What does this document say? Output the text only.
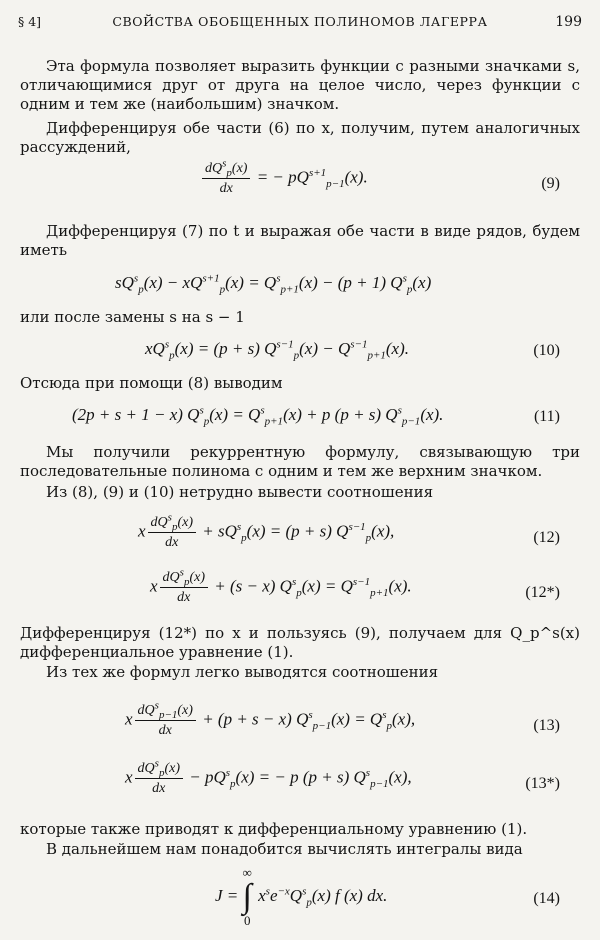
§ 4]	СВОЙСТВА ОБОБЩЕННЫХ ПОЛИНОМОВ ЛАГЕРРА	199

Эта формула позволяет выразить функции с разными значками s, отличающимися друг от друга на целое число, через функции с одним и тем же (наибольшим) значком.

Дифференцируя обе части (6) по x, получим, путем аналогичных рассуждений,

$\frac{dQ^s_p(x)}{dx}$ = − $pQ^{s+1}_{p-1}(x)$.	(9)

Дифференцируя (7) по t и выражая обе части в виде рядов, будем иметь

$sQ^s_p(x) - xQ^{s+1}_p(x) = Q^s_{p+1}(x) - (p + 1)$ $Q^s_p(x)$

или после замены s на s − 1

$xQ^s_p(x) = (p + s) Q^{s-1}_p(x) - Q^{s-1}_{p+1}(x)$.	(10)

Отсюда при помощи (8) выводим

(2p + s + 1 − x) $Q^s_p(x) = Q^s_{p+1}(x) + p$ (p + s) $Q^s_{p-1}(x)$.	(11)

Мы получили рекуррентную формулу, связывающую три последовательные полинома с одним и тем же верхним значком.

Из (8), (9) и (10) нетрудно вывести соотношения

x $\frac{dQ^s_p(x)}{dx} + sQ^s_p(x) = (p + s)$ $Q^{s-1}_p(x)$,	(12)
x $\frac{dQ^s_p(x)}{dx} + (s - x) Q^s_p(x) = Q^{s-1}_{p+1}(x)$.	(12*)

Дифференцируя (12*) по x и пользуясь (9), получаем для Q_p^s(x) дифференциальное уравнение (1).

Из тех же формул легко выводятся соотношения

x $\frac{dQ^s_{p-1}(x)}{dx} + (p + s - x) Q^s_{p-1}(x) = Q^s_p(x)$,	(13)
x $\frac{dQ^s_p(x)}{dx} - pQ^s_p(x)$ = − p (p + s) $Q^s_{p-1}(x)$,	(13*)

которые также приводят к дифференциальному уравнению (1).

В дальнейшем нам понадобится вычислять интегралы вида

J = ∞
∫
0 $x^se^{-x}Q^s_p(x)$ f (x) dx.	(14)
